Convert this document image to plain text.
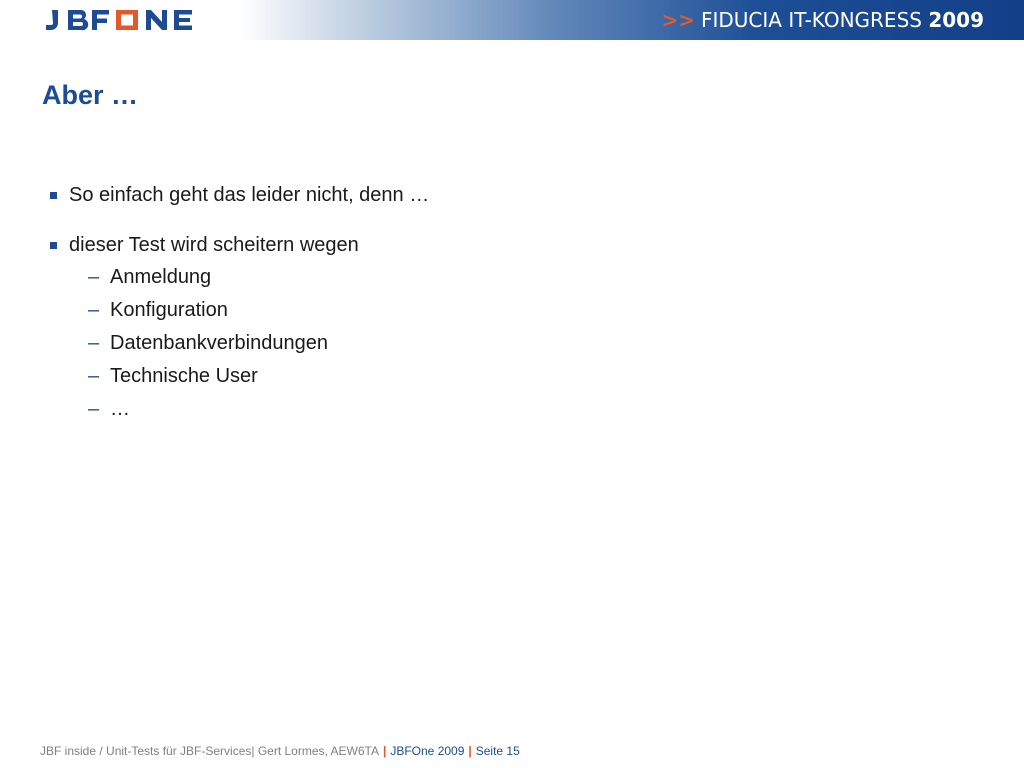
>> FIDUCIA IT-KONGRESS 2009
Aber …
So einfach geht das leider nicht, denn …
dieser Test wird scheitern wegen
– Anmeldung
– Konfiguration
– Datenbankverbindungen
– Technische User
– …
JBF inside / Unit-Tests für JBF-Services| Gert Lormes, AEW6TA | JBFOne 2009 | Seite 15
